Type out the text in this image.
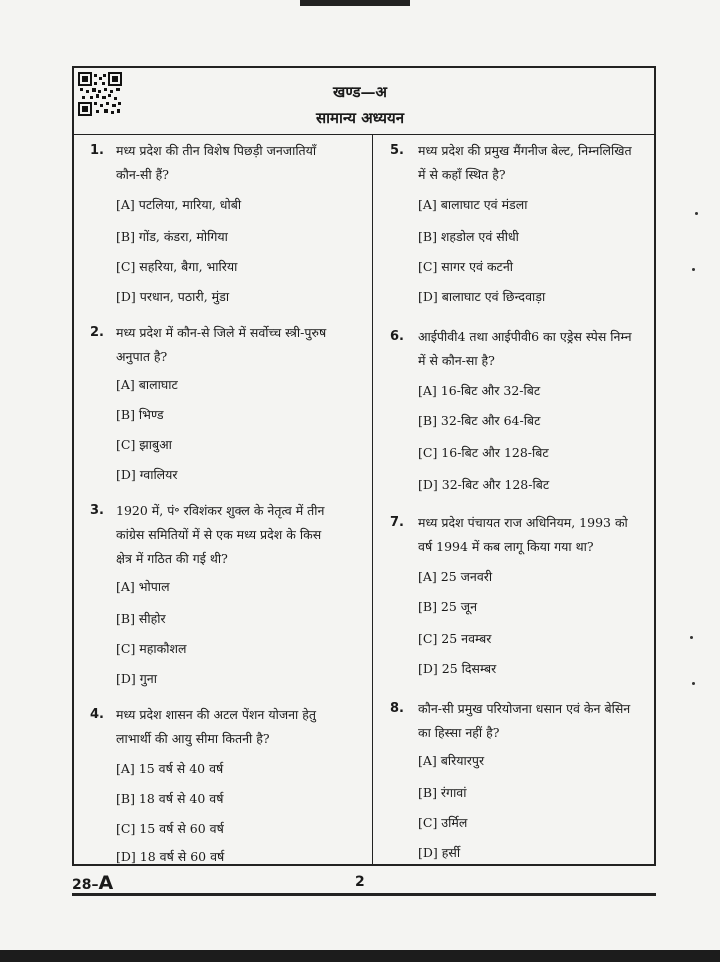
खण्ड—अ
सामान्य अध्ययन
1. मध्य प्रदेश की तीन विशेष पिछड़ी जनजातियाँ
कौन-सी हैं?
[A] पटलिया, मारिया, धोबी
[B] गोंड, कंडरा, मोगिया
[C] सहरिया, बैगा, भारिया
[D] परधान, पठारी, मुंडा
2. मध्य प्रदेश में कौन-से जिले में सर्वोच्च स्त्री-पुरुष
अनुपात है?
[A] बालाघाट
[B] भिण्ड
[C] झाबुआ
[D] ग्वालियर
3. 1920 में, पं॰ रविशंकर शुक्ल के नेतृत्व में तीन
कांग्रेस समितियों में से एक मध्य प्रदेश के किस
क्षेत्र में गठित की गई थी?
[A] भोपाल
[B] सीहोर
[C] महाकौशल
[D] गुना
4. मध्य प्रदेश शासन की अटल पेंशन योजना हेतु
लाभार्थी की आयु सीमा कितनी है?
[A] 15 वर्ष से 40 वर्ष
[B] 18 वर्ष से 40 वर्ष
[C] 15 वर्ष से 60 वर्ष
[D] 18 वर्ष से 60 वर्ष
5. मध्य प्रदेश की प्रमुख मैंगनीज बेल्ट, निम्नलिखित
में से कहाँ स्थित है?
[A] बालाघाट एवं मंडला
[B] शहडोल एवं सीधी
[C] सागर एवं कटनी
[D] बालाघाट एवं छिन्दवाड़ा
6. आईपीवी4 तथा आईपीवी6 का एड्रेस स्पेस निम्न
में से कौन-सा है?
[A] 16-बिट और 32-बिट
[B] 32-बिट और 64-बिट
[C] 16-बिट और 128-बिट
[D] 32-बिट और 128-बिट
7. मध्य प्रदेश पंचायत राज अधिनियम, 1993 को
वर्ष 1994 में कब लागू किया गया था?
[A] 25 जनवरी
[B] 25 जून
[C] 25 नवम्बर
[D] 25 दिसम्बर
8. कौन-सी प्रमुख परियोजना धसान एवं केन बेसिन
का हिस्सा नहीं है?
[A] बरियारपुर
[B] रंगावां
[C] उर्मिल
[D] हर्सी
28–A	2
